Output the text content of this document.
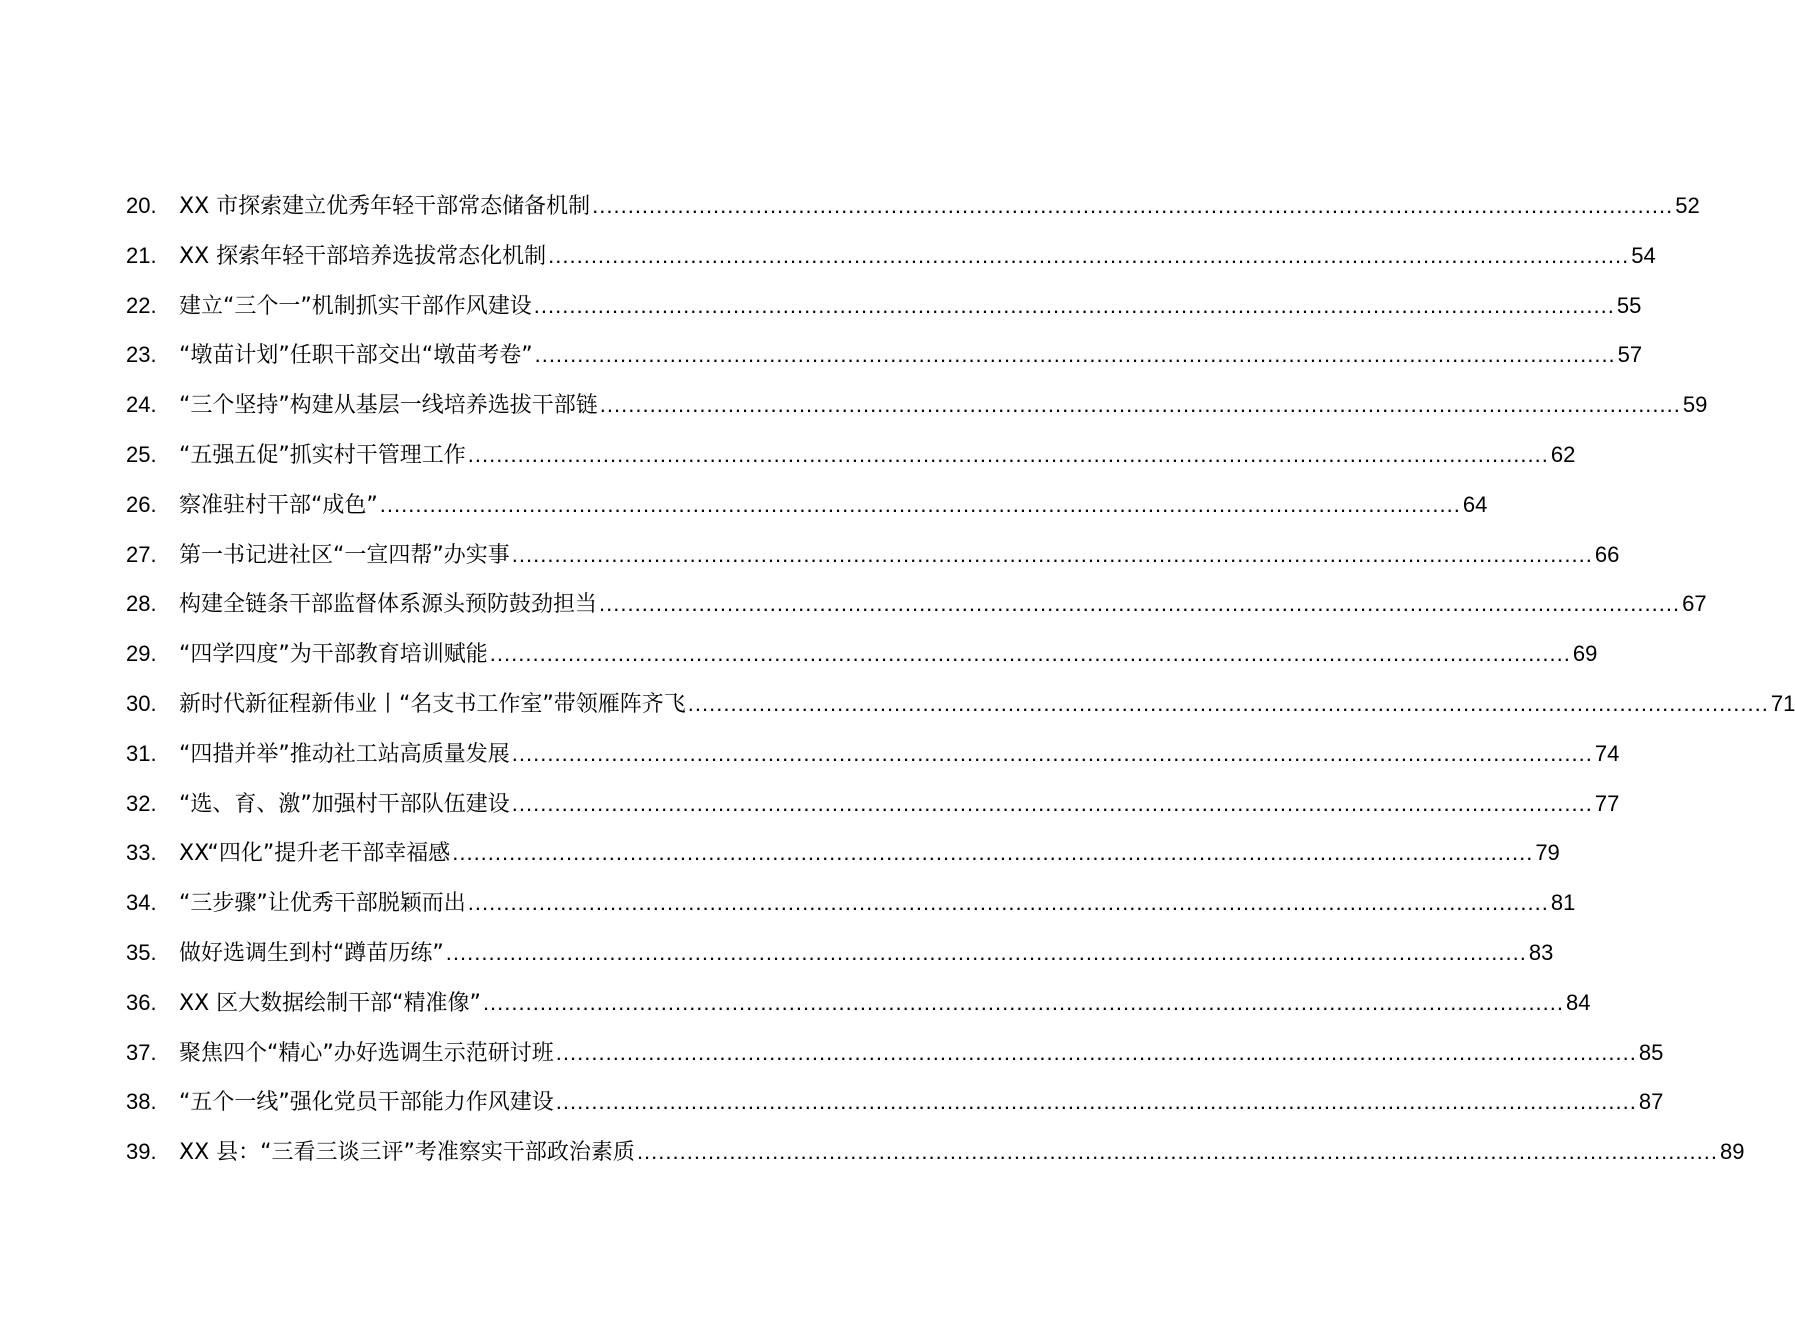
20.	XX 市探索建立优秀年轻干部常态储备机制 .....	52
21.	XX 探索年轻干部培养选拔常态化机制 .....	54
22.	建立“三个一”机制抓实干部作风建设 .....	55
23.	“墩苗计划”任职干部交出“墩苗考卷” .....	57
24.	“三个坚持”构建从基层一线培养选拔干部链 .....	59
25.	“五强五促”抓实村干管理工作 .....	62
26.	察准驻村干部“成色” .....	64
27.	第一书记进社区“一宣四帮”办实事 .....	66
28.	构建全链条干部监督体系源头预防鼓劲担当 .....	67
29.	“四学四度”为干部教育培训赋能 .....	69
30.	新时代新征程新伟业丨“名支书工作室”带领雁阵齐飞 .....	71
31.	“四措并举”推动社工站高质量发展 .....	74
32.	“选、育、激”加强村干部队伍建设 .....	77
33.	XX“四化”提升老干部幸福感 .....	79
34.	“三步骤”让优秀干部脱颖而出 .....	81
35.	做好选调生到村“蹲苗历练” .....	83
36.	XX 区大数据绘制干部“精准像” .....	84
37.	聚焦四个“精心”办好选调生示范研讨班 .....	85
38.	“五个一线”强化党员干部能力作风建设 .....	87
39.	XX 县：“三看三谈三评”考准察实干部政治素质 .....	89
